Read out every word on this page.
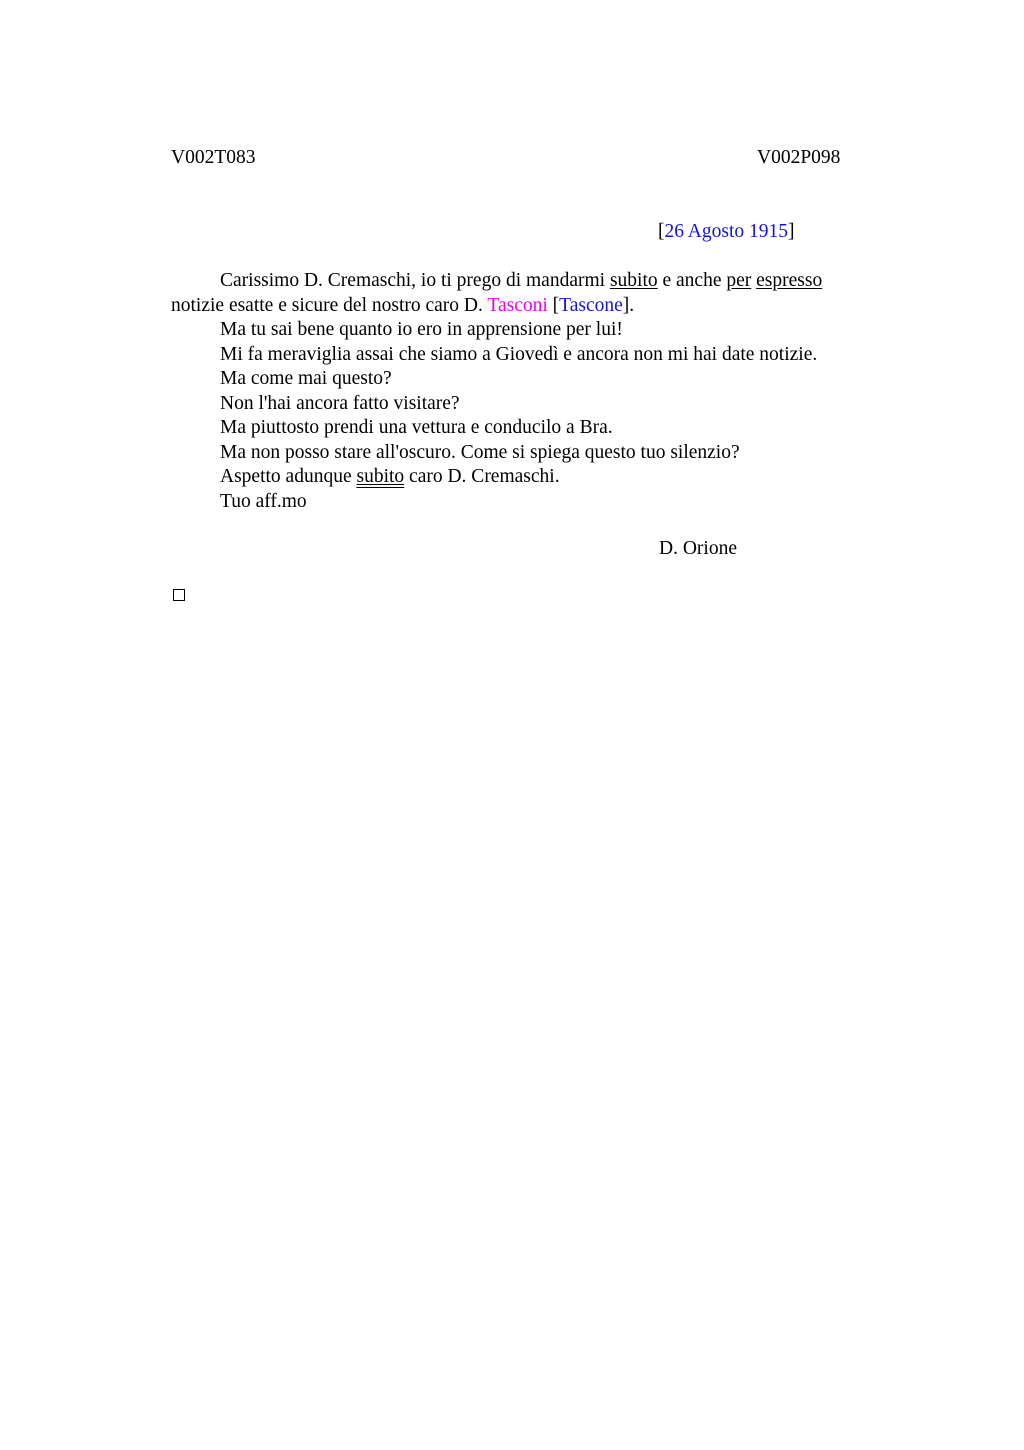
V002T083	V002P098
[26 Agosto 1915]

Carissimo D. Cremaschi, io ti prego di mandarmi subito e anche per espresso notizie esatte e sicure del nostro caro D. Tasconi [Tascone].

Ma tu sai bene quanto io ero in apprensione per lui!

Mi fa meraviglia assai che siamo a Giovedì e ancora non mi hai date notizie.

Ma come mai questo?

Non l'hai ancora fatto visitare?

Ma piuttosto prendi una vettura e conducilo a Bra.

Ma non posso stare all'oscuro. Come si spiega questo tuo silenzio?

Aspetto adunque subito caro D. Cremaschi.

Tuo aff.mo

D. Orione
